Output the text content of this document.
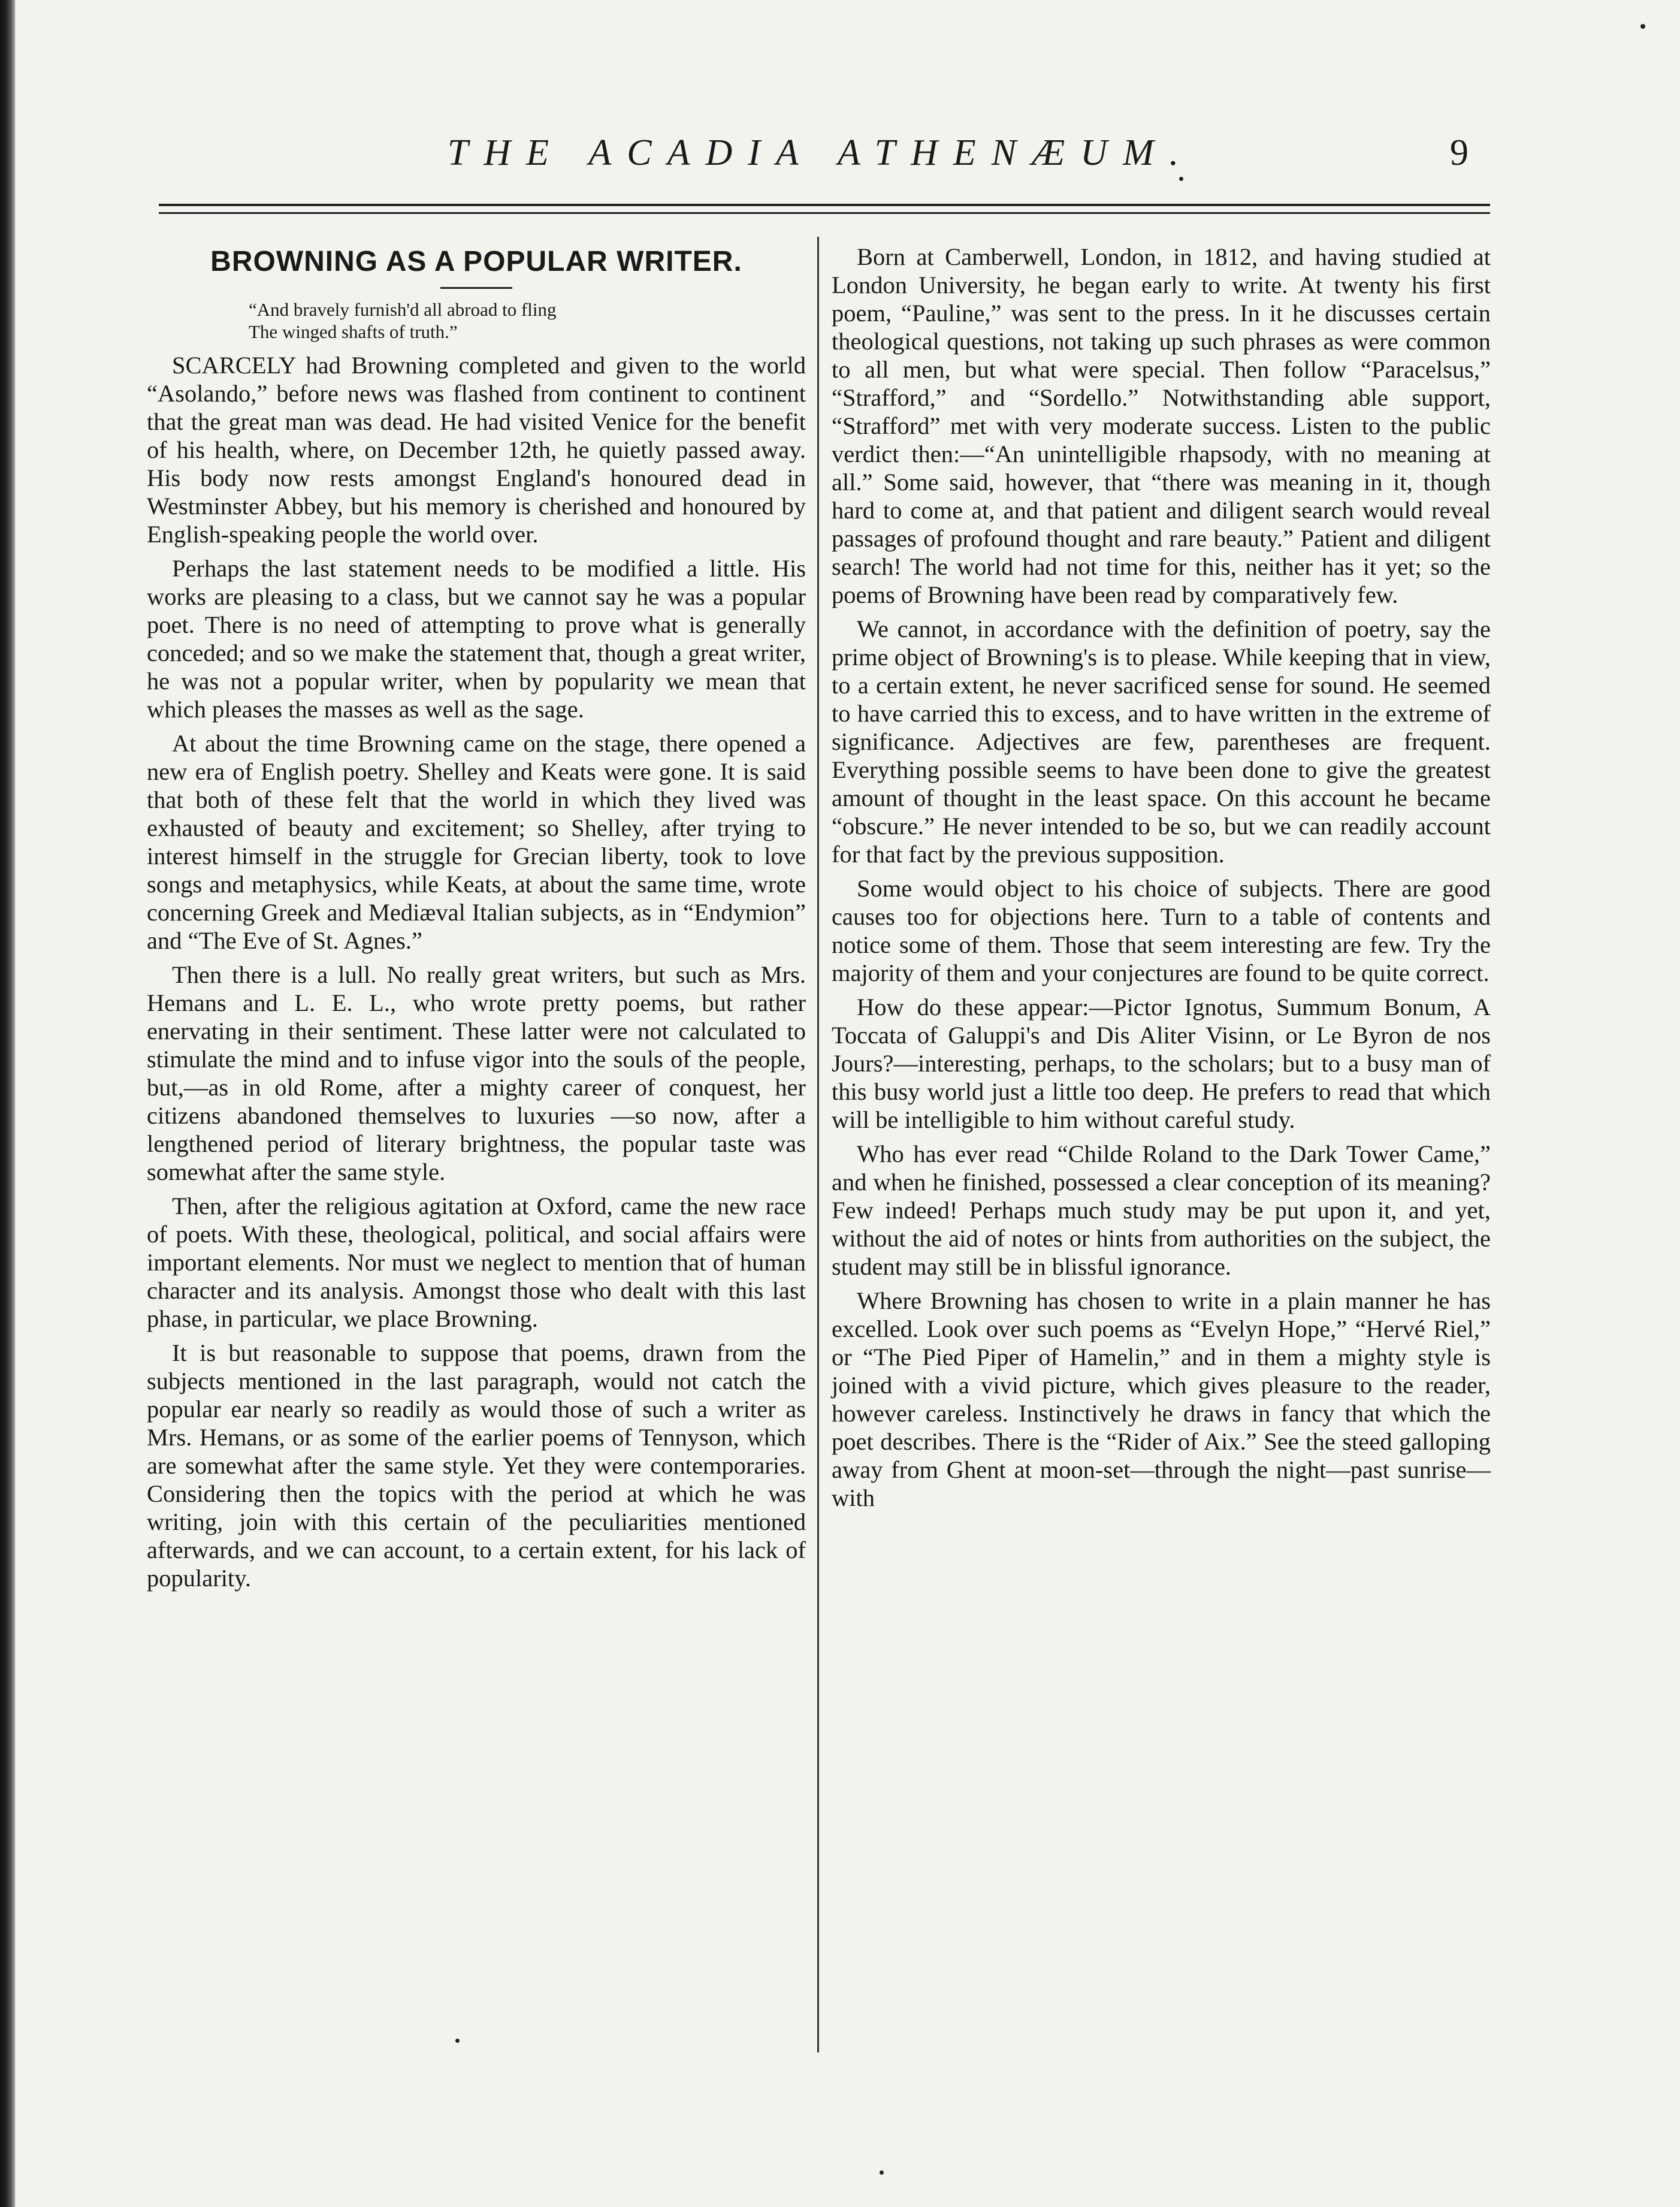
THE ACADIA ATHENÆUM.	9
BROWNING AS A POPULAR WRITER.
“And bravely furnish'd all abroad to fling
The winged shafts of truth.”

SCARCELY had Browning completed and given to the world “Asolando,” before news was flashed from continent to continent that the great man was dead. He had visited Venice for the benefit of his health, where, on December 12th, he quietly passed away. His body now rests amongst England's honoured dead in Westminster Abbey, but his memory is cherished and honoured by English-speaking people the world over.

Perhaps the last statement needs to be modified a little. His works are pleasing to a class, but we cannot say he was a popular poet. There is no need of attempting to prove what is generally conceded; and so we make the statement that, though a great writer, he was not a popular writer, when by popularity we mean that which pleases the masses as well as the sage.

At about the time Browning came on the stage, there opened a new era of English poetry. Shelley and Keats were gone. It is said that both of these felt that the world in which they lived was exhausted of beauty and excitement; so Shelley, after trying to interest himself in the struggle for Grecian liberty, took to love songs and metaphysics, while Keats, at about the same time, wrote concerning Greek and Mediæval Italian subjects, as in “Endymion” and “The Eve of St. Agnes.”

Then there is a lull. No really great writers, but such as Mrs. Hemans and L. E. L., who wrote pretty poems, but rather enervating in their sentiment. These latter were not calculated to stimulate the mind and to infuse vigor into the souls of the people, but,—as in old Rome, after a mighty career of conquest, her citizens abandoned themselves to luxuries —so now, after a lengthened period of literary brightness, the popular taste was somewhat after the same style.

Then, after the religious agitation at Oxford, came the new race of poets. With these, theological, political, and social affairs were important elements. Nor must we neglect to mention that of human character and its analysis. Amongst those who dealt with this last phase, in particular, we place Browning.

It is but reasonable to suppose that poems, drawn from the subjects mentioned in the last paragraph, would not catch the popular ear nearly so readily as would those of such a writer as Mrs. Hemans, or as some of the earlier poems of Tennyson, which are somewhat after the same style. Yet they were contemporaries. Considering then the topics with the period at which he was writing, join with this certain of the peculiarities mentioned afterwards, and we can account, to a certain extent, for his lack of popularity.

Born at Camberwell, London, in 1812, and having studied at London University, he began early to write. At twenty his first poem, “Pauline,” was sent to the press. In it he discusses certain theological questions, not taking up such phrases as were common to all men, but what were special. Then follow “Paracelsus,” “Strafford,” and “Sordello.” Notwithstanding able support, “Strafford” met with very moderate success. Listen to the public verdict then:—“An unintelligible rhapsody, with no meaning at all.” Some said, however, that “there was meaning in it, though hard to come at, and that patient and diligent search would reveal passages of profound thought and rare beauty.” Patient and diligent search! The world had not time for this, neither has it yet; so the poems of Browning have been read by comparatively few.

We cannot, in accordance with the definition of poetry, say the prime object of Browning's is to please. While keeping that in view, to a certain extent, he never sacrificed sense for sound. He seemed to have carried this to excess, and to have written in the extreme of significance. Adjectives are few, parentheses are frequent. Everything possible seems to have been done to give the greatest amount of thought in the least space. On this account he became “obscure.” He never intended to be so, but we can readily account for that fact by the previous supposition.

Some would object to his choice of subjects. There are good causes too for objections here. Turn to a table of contents and notice some of them. Those that seem interesting are few. Try the majority of them and your conjectures are found to be quite correct.

How do these appear:—Pictor Ignotus, Summum Bonum, A Toccata of Galuppi's and Dis Aliter Visinn, or Le Byron de nos Jours?—interesting, perhaps, to the scholars; but to a busy man of this busy world just a little too deep. He prefers to read that which will be intelligible to him without careful study.

Who has ever read “Childe Roland to the Dark Tower Came,” and when he finished, possessed a clear conception of its meaning? Few indeed! Perhaps much study may be put upon it, and yet, without the aid of notes or hints from authorities on the subject, the student may still be in blissful ignorance.

Where Browning has chosen to write in a plain manner he has excelled. Look over such poems as “Evelyn Hope,” “Hervé Riel,” or “The Pied Piper of Hamelin,” and in them a mighty style is joined with a vivid picture, which gives pleasure to the reader, however careless. Instinctively he draws in fancy that which the poet describes. There is the “Rider of Aix.” See the steed galloping away from Ghent at moon-set—through the night—past sunrise—with
